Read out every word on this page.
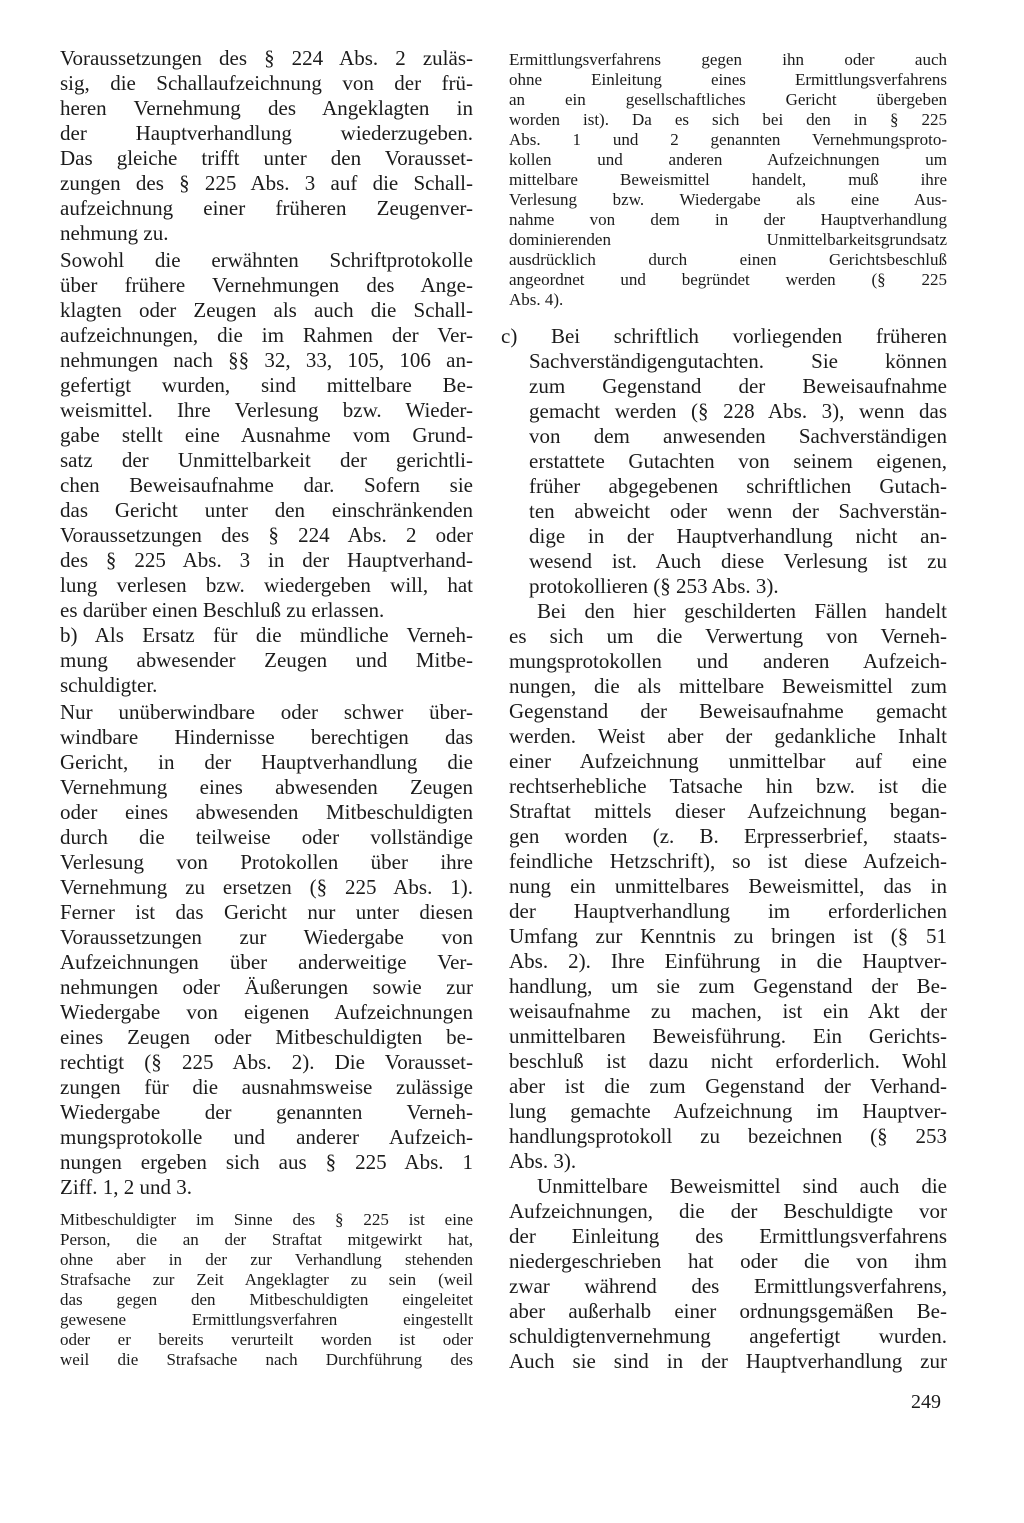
Voraussetzungen des § 224 Abs. 2 zuläs-
sig, die Schallaufzeichnung von der frü-
heren Vernehmung des Angeklagten in
der Hauptverhandlung wiederzugeben.
Das gleiche trifft unter den Vorausset-
zungen des § 225 Abs. 3 auf die Schall-
aufzeichnung einer früheren Zeugenver-
nehmung zu.
Sowohl die erwähnten Schriftprotokolle
über frühere Vernehmungen des Ange-
klagten oder Zeugen als auch die Schall-
aufzeichnungen, die im Rahmen der Ver-
nehmungen nach §§ 32, 33, 105, 106 an-
gefertigt wurden, sind mittelbare Be-
weismittel. Ihre Verlesung bzw. Wieder-
gabe stellt eine Ausnahme vom Grund-
satz der Unmittelbarkeit der gerichtli-
chen Beweisaufnahme dar. Sofern sie
das Gericht unter den einschränkenden
Voraussetzungen des § 224 Abs. 2 oder
des § 225 Abs. 3 in der Hauptverhand-
lung verlesen bzw. wiedergeben will, hat
es darüber einen Beschluß zu erlassen.
b) Als Ersatz für die mündliche Verneh-
mung abwesender Zeugen und Mitbe-
schuldigter.
Nur unüberwindbare oder schwer über-
windbare Hindernisse berechtigen das
Gericht, in der Hauptverhandlung die
Vernehmung eines abwesenden Zeugen
oder eines abwesenden Mitbeschuldigten
durch die teilweise oder vollständige
Verlesung von Protokollen über ihre
Vernehmung zu ersetzen (§ 225 Abs. 1).
Ferner ist das Gericht nur unter diesen
Voraussetzungen zur Wiedergabe von
Aufzeichnungen über anderweitige Ver-
nehmungen oder Äußerungen sowie zur
Wiedergabe von eigenen Aufzeichnungen
eines Zeugen oder Mitbeschuldigten be-
rechtigt (§ 225 Abs. 2). Die Vorausset-
zungen für die ausnahmsweise zulässige
Wiedergabe der genannten Verneh-
mungsprotokolle und anderer Aufzeich-
nungen ergeben sich aus § 225 Abs. 1
Ziff. 1, 2 und 3.
Mitbeschuldigter im Sinne des § 225 ist eine
Person, die an der Straftat mitgewirkt hat,
ohne aber in der zur Verhandlung stehenden
Strafsache zur Zeit Angeklagter zu sein (weil
das gegen den Mitbeschuldigten eingeleitet
gewesene Ermittlungsverfahren eingestellt
oder er bereits verurteilt worden ist oder
weil die Strafsache nach Durchführung des
Ermittlungsverfahrens gegen ihn oder auch
ohne Einleitung eines Ermittlungsverfahrens
an ein gesellschaftliches Gericht übergeben
worden ist). Da es sich bei den in § 225
Abs. 1 und 2 genannten Vernehmungsproto-
kollen und anderen Aufzeichnungen um
mittelbare Beweismittel handelt, muß ihre
Verlesung bzw. Wiedergabe als eine Aus-
nahme von dem in der Hauptverhandlung
dominierenden Unmittelbarkeitsgrundsatz
ausdrücklich durch einen Gerichtsbeschluß
angeordnet und begründet werden (§ 225
Abs. 4).
c) Bei schriftlich vorliegenden früheren
Sachverständigengutachten. Sie können
zum Gegenstand der Beweisaufnahme
gemacht werden (§ 228 Abs. 3), wenn das
von dem anwesenden Sachverständigen
erstattete Gutachten von seinem eigenen,
früher abgegebenen schriftlichen Gutach-
ten abweicht oder wenn der Sachverstän-
dige in der Hauptverhandlung nicht an-
wesend ist. Auch diese Verlesung ist zu
protokollieren (§ 253 Abs. 3).
Bei den hier geschilderten Fällen handelt
es sich um die Verwertung von Verneh-
mungsprotokollen und anderen Aufzeich-
nungen, die als mittelbare Beweismittel zum
Gegenstand der Beweisaufnahme gemacht
werden. Weist aber der gedankliche Inhalt
einer Aufzeichnung unmittelbar auf eine
rechtserhebliche Tatsache hin bzw. ist die
Straftat mittels dieser Aufzeichnung began-
gen worden (z. B. Erpresserbrief, staats-
feindliche Hetzschrift), so ist diese Aufzeich-
nung ein unmittelbares Beweismittel, das in
der Hauptverhandlung im erforderlichen
Umfang zur Kenntnis zu bringen ist (§ 51
Abs. 2). Ihre Einführung in die Hauptver-
handlung, um sie zum Gegenstand der Be-
weisaufnahme zu machen, ist ein Akt der
unmittelbaren Beweisführung. Ein Gerichts-
beschluß ist dazu nicht erforderlich. Wohl
aber ist die zum Gegenstand der Verhand-
lung gemachte Aufzeichnung im Hauptver-
handlungsprotokoll zu bezeichnen (§ 253
Abs. 3).
Unmittelbare Beweismittel sind auch die
Aufzeichnungen, die der Beschuldigte vor
der Einleitung des Ermittlungsverfahrens
niedergeschrieben hat oder die von ihm
zwar während des Ermittlungsverfahrens,
aber außerhalb einer ordnungsgemäßen Be-
schuldigtenvernehmung angefertigt wurden.
Auch sie sind in der Hauptverhandlung zur
249
